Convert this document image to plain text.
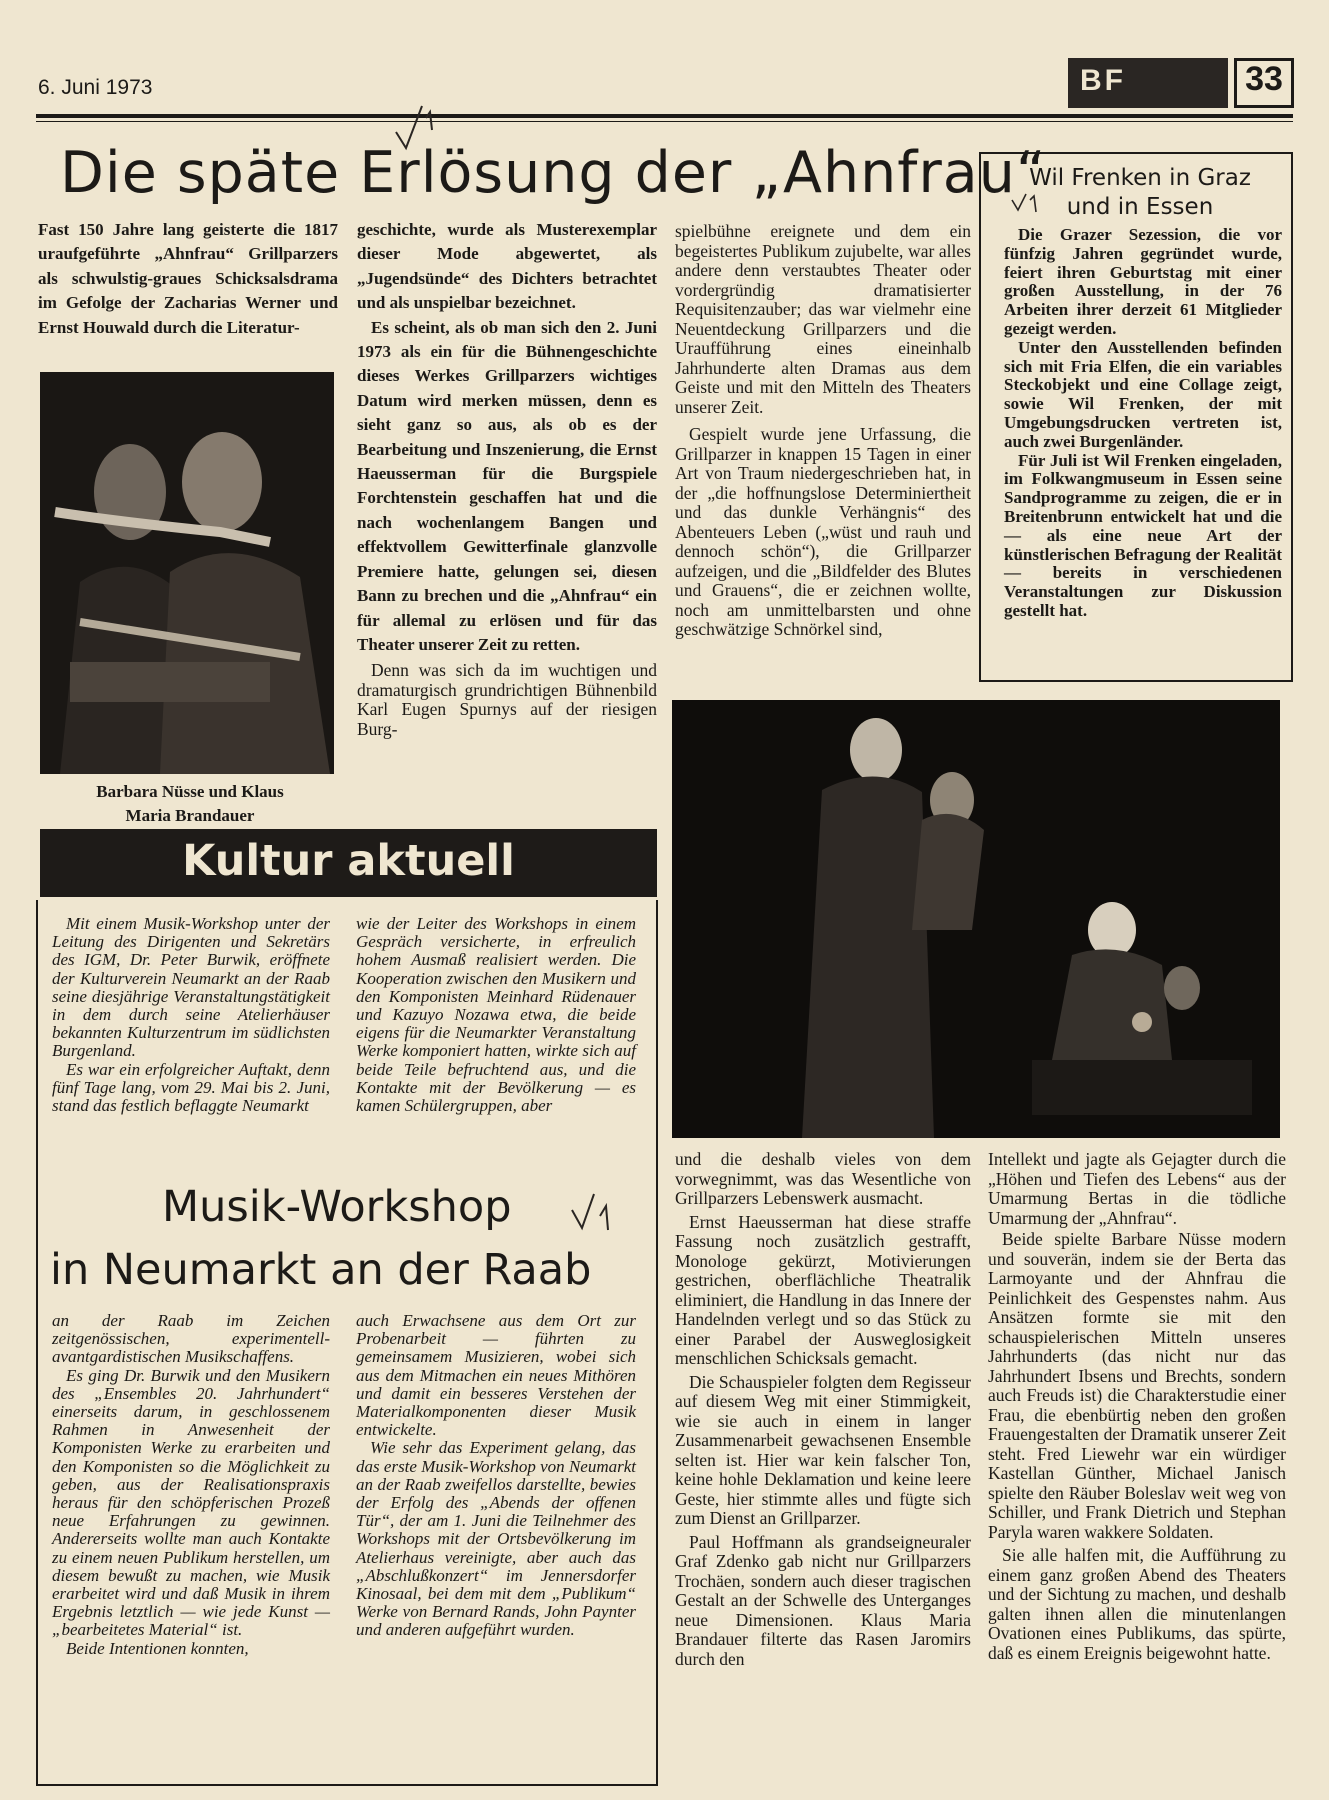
6. Juni 1973	BF	33
Die späte Erlösung der „Ahnfrau“
Fast 150 Jahre lang geisterte die 1817 uraufgeführte „Ahnfrau“ Grillparzers als schwulstig-graues Schicksalsdrama im Gefolge der Zacharias Werner und Ernst Houwald durch die Literatur-
Barbara Nüsse und Klaus Maria Brandauer

geschichte, wurde als Musterexemplar dieser Mode abgewertet, als „Jugendsünde“ des Dichters betrachtet und als unspielbar bezeichnet.

Es scheint, als ob man sich den 2. Juni 1973 als ein für die Bühnengeschichte dieses Werkes Grillparzers wichtiges Datum wird merken müssen, denn es sieht ganz so aus, als ob es der Bearbeitung und Inszenierung, die Ernst Haeusserman für die Burgspiele Forchtenstein geschaffen hat und die nach wochenlangem Bangen und effektvollem Gewitterfinale glanzvolle Premiere hatte, gelungen sei, diesen Bann zu brechen und die „Ahnfrau“ ein für allemal zu erlösen und für das Theater unserer Zeit zu retten.

Denn was sich da im wuchtigen und dramaturgisch grundrichtigen Bühnenbild Karl Eugen Spurnys auf der riesigen Burg-

spielbühne ereignete und dem ein begeistertes Publikum zujubelte, war alles andere denn verstaubtes Theater oder vordergründig dramatisierter Requisitenzauber; das war vielmehr eine Neuentdeckung Grillparzers und die Uraufführung eines eineinhalb Jahrhunderte alten Dramas aus dem Geiste und mit den Mitteln des Theaters unserer Zeit.

Gespielt wurde jene Urfassung, die Grillparzer in knappen 15 Tagen in einer Art von Traum niedergeschrieben hat, in der „die hoffnungslose Determiniertheit und das dunkle Verhängnis“ des Abenteuers Leben („wüst und rauh und dennoch schön“), die Grillparzer aufzeigen, und die „Bildfelder des Blutes und Grauens“, die er zeichnen wollte, noch am unmittelbarsten und ohne geschwätzige Schnörkel sind,

Wil Frenken in Graz
und in Essen

Die Grazer Sezession, die vor fünfzig Jahren gegründet wurde, feiert ihren Geburtstag mit einer großen Ausstellung, in der 76 Arbeiten ihrer derzeit 61 Mitglieder gezeigt werden.

Unter den Ausstellenden befinden sich mit Fria Elfen, die ein variables Steckobjekt und eine Collage zeigt, sowie Wil Frenken, der mit Umgebungsdrucken vertreten ist, auch zwei Burgenländer.

Für Juli ist Wil Frenken eingeladen, im Folkwangmuseum in Essen seine Sandprogramme zu zeigen, die er in Breitenbrunn entwickelt hat und die — als eine neue Art der künstlerischen Befragung der Realität — bereits in verschiedenen Veranstaltungen zur Diskussion gestellt hat.

und die deshalb vieles von dem vorwegnimmt, was das Wesentliche von Grillparzers Lebenswerk ausmacht.

Ernst Haeusserman hat diese straffe Fassung noch zusätzlich gestrafft, Monologe gekürzt, Motivierungen gestrichen, oberflächliche Theatralik eliminiert, die Handlung in das Innere der Handelnden verlegt und so das Stück zu einer Parabel der Ausweglosigkeit menschlichen Schicksals gemacht.

Die Schauspieler folgten dem Regisseur auf diesem Weg mit einer Stimmigkeit, wie sie auch in einem in langer Zusammenarbeit gewachsenen Ensemble selten ist. Hier war kein falscher Ton, keine hohle Deklamation und keine leere Geste, hier stimmte alles und fügte sich zum Dienst an Grillparzer.

Paul Hoffmann als grandseigneuraler Graf Zdenko gab nicht nur Grillparzers Trochäen, sondern auch dieser tragischen Gestalt an der Schwelle des Unterganges neue Dimensionen. Klaus Maria Brandauer filterte das Rasen Jaromirs durch den

Intellekt und jagte als Gejagter durch die „Höhen und Tiefen des Lebens“ aus der Umarmung Bertas in die tödliche Umarmung der „Ahnfrau“.

Beide spielte Barbare Nüsse modern und souverän, indem sie der Berta das Larmoyante und der Ahnfrau die Peinlichkeit des Gespenstes nahm. Aus Ansätzen formte sie mit den schauspielerischen Mitteln unseres Jahrhunderts (das nicht nur das Jahrhundert Ibsens und Brechts, sondern auch Freuds ist) die Charakterstudie einer Frau, die ebenbürtig neben den großen Frauengestalten der Dramatik unserer Zeit steht. Fred Liewehr war ein würdiger Kastellan Günther, Michael Janisch spielte den Räuber Boleslav weit weg von Schiller, und Frank Dietrich und Stephan Paryla waren wakkere Soldaten.

Sie alle halfen mit, die Aufführung zu einem ganz großen Abend des Theaters und der Sichtung zu machen, und deshalb galten ihnen allen die minutenlangen Ovationen eines Publikums, das spürte, daß es einem Ereignis beigewohnt hatte.

Kultur aktuell

Mit einem Musik-Workshop unter der Leitung des Dirigenten und Sekretärs des IGM, Dr. Peter Burwik, eröffnete der Kulturverein Neumarkt an der Raab seine diesjährige Veranstaltungstätigkeit in dem durch seine Atelierhäuser bekannten Kulturzentrum im südlichsten Burgenland.

Es war ein erfolgreicher Auftakt, denn fünf Tage lang, vom 29. Mai bis 2. Juni, stand das festlich beflaggte Neumarkt

wie der Leiter des Workshops in einem Gespräch versicherte, in erfreulich hohem Ausmaß realisiert werden. Die Kooperation zwischen den Musikern und den Komponisten Meinhard Rüdenauer und Kazuyo Nozawa etwa, die beide eigens für die Neumarkter Veranstaltung Werke komponiert hatten, wirkte sich auf beide Teile befruchtend aus, und die Kontakte mit der Bevölkerung — es kamen Schülergruppen, aber

Musik-Workshop
in Neumarkt an der Raab

an der Raab im Zeichen zeitgenössischen, experimentell-avantgardistischen Musikschaffens.

Es ging Dr. Burwik und den Musikern des „Ensembles 20. Jahrhundert“ einerseits darum, in geschlossenem Rahmen in Anwesenheit der Komponisten Werke zu erarbeiten und den Komponisten so die Möglichkeit zu geben, aus der Realisationspraxis heraus für den schöpferischen Prozeß neue Erfahrungen zu gewinnen. Andererseits wollte man auch Kontakte zu einem neuen Publikum herstellen, um diesem bewußt zu machen, wie Musik erarbeitet wird und daß Musik in ihrem Ergebnis letztlich — wie jede Kunst — „bearbeitetes Material“ ist.

Beide Intentionen konnten,

auch Erwachsene aus dem Ort zur Probenarbeit — führten zu gemeinsamem Musizieren, wobei sich aus dem Mitmachen ein neues Mithören und damit ein besseres Verstehen der Materialkomponenten dieser Musik entwickelte.

Wie sehr das Experiment gelang, das das erste Musik-Workshop von Neumarkt an der Raab zweifellos darstellte, bewies der Erfolg des „Abends der offenen Tür“, der am 1. Juni die Teilnehmer des Workshops mit der Ortsbevölkerung im Atelierhaus vereinigte, aber auch das „Abschlußkonzert“ im Jennersdorfer Kinosaal, bei dem mit dem „Publikum“ Werke von Bernard Rands, John Paynter und anderen aufgeführt wurden.
